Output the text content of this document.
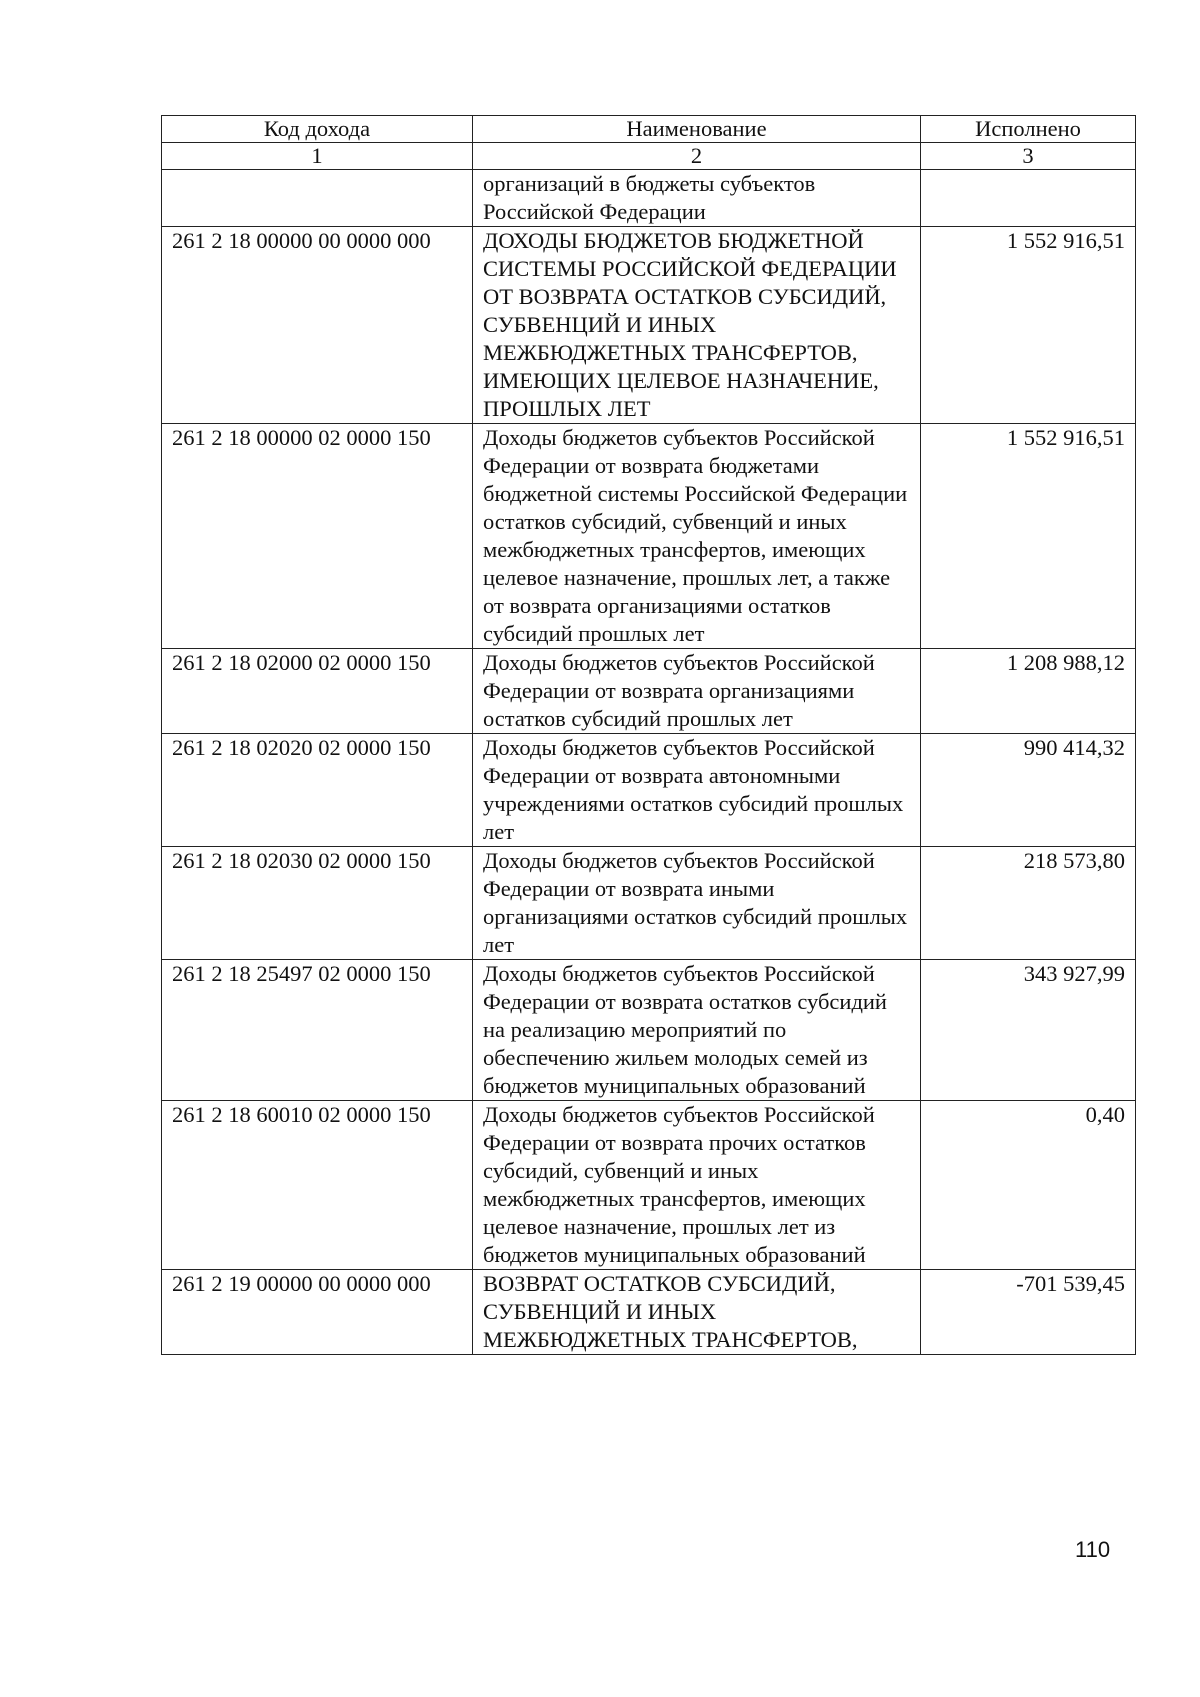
Код дохода	Наименование	Исполнено
1	2	3
	организаций в бюджеты субъектов Российской Федерации	
261 2 18 00000 00 0000 000	ДОХОДЫ БЮДЖЕТОВ БЮДЖЕТНОЙ СИСТЕМЫ РОССИЙСКОЙ ФЕДЕРАЦИИ ОТ ВОЗВРАТА ОСТАТКОВ СУБСИДИЙ, СУБВЕНЦИЙ И ИНЫХ МЕЖБЮДЖЕТНЫХ ТРАНСФЕРТОВ, ИМЕЮЩИХ ЦЕЛЕВОЕ НАЗНАЧЕНИЕ, ПРОШЛЫХ ЛЕТ	1 552 916,51
261 2 18 00000 02 0000 150	Доходы бюджетов субъектов Российской Федерации от возврата бюджетами бюджетной системы Российской Федерации остатков субсидий, субвенций и иных межбюджетных трансфертов, имеющих целевое назначение, прошлых лет, а также от возврата организациями остатков субсидий прошлых лет	1 552 916,51
261 2 18 02000 02 0000 150	Доходы бюджетов субъектов Российской Федерации от возврата организациями остатков субсидий прошлых лет	1 208 988,12
261 2 18 02020 02 0000 150	Доходы бюджетов субъектов Российской Федерации от возврата автономными учреждениями остатков субсидий прошлых лет	990 414,32
261 2 18 02030 02 0000 150	Доходы бюджетов субъектов Российской Федерации от возврата иными организациями остатков субсидий прошлых лет	218 573,80
261 2 18 25497 02 0000 150	Доходы бюджетов субъектов Российской Федерации от возврата остатков субсидий на реализацию мероприятий по обеспечению жильем молодых семей из бюджетов муниципальных образований	343 927,99
261 2 18 60010 02 0000 150	Доходы бюджетов субъектов Российской Федерации от возврата прочих остатков субсидий, субвенций и иных межбюджетных трансфертов, имеющих целевое назначение, прошлых лет из бюджетов муниципальных образований	0,40
261 2 19 00000 00 0000 000	ВОЗВРАТ ОСТАТКОВ СУБСИДИЙ, СУБВЕНЦИЙ И ИНЫХ МЕЖБЮДЖЕТНЫХ ТРАНСФЕРТОВ,	-701 539,45
110
